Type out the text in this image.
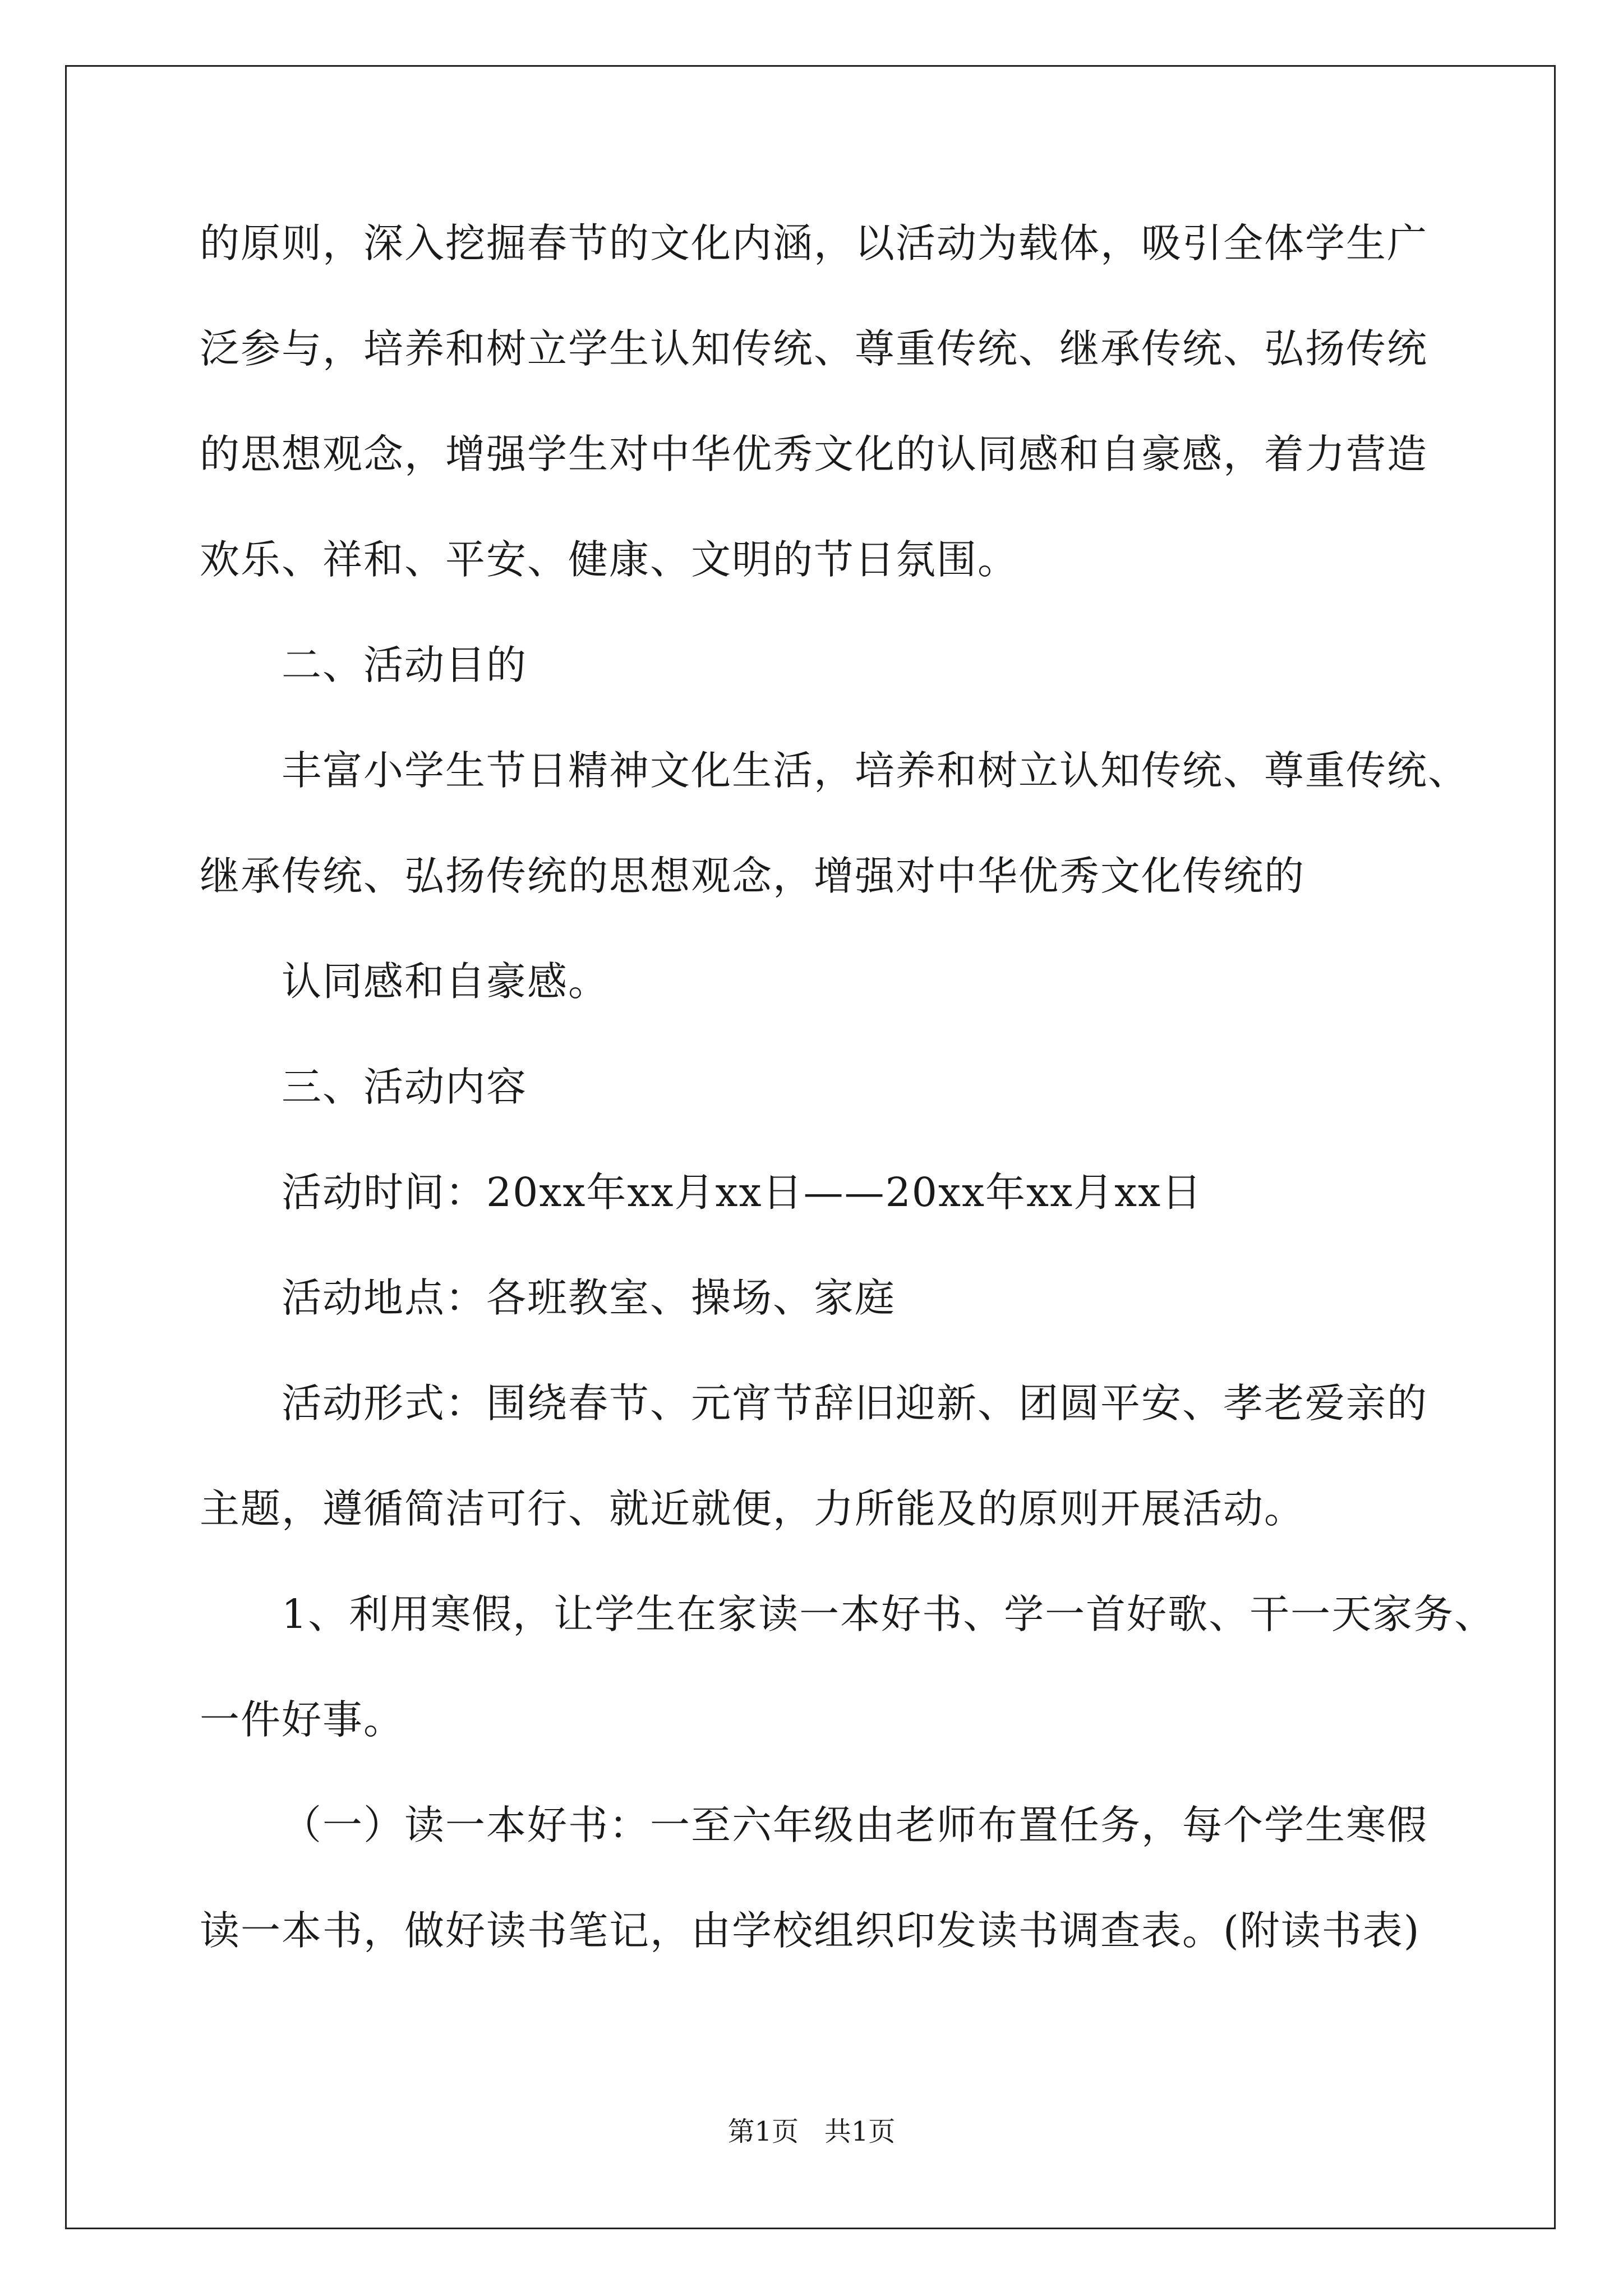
的原则，深入挖掘春节的文化内涵，以活动为载体，吸引全体学生广
泛参与，培养和树立学生认知传统、尊重传统、继承传统、弘扬传统
的思想观念，增强学生对中华优秀文化的认同感和自豪感，着力营造
欢乐、祥和、平安、健康、文明的节日氛围。
二、活动目的
丰富小学生节日精神文化生活，培养和树立认知传统、尊重传统、
继承传统、弘扬传统的思想观念，增强对中华优秀文化传统的
认同感和自豪感。
三、活动内容
活动时间：20xx年xx月xx日——20xx年xx月xx日
活动地点：各班教室、操场、家庭
活动形式：围绕春节、元宵节辞旧迎新、团圆平安、孝老爱亲的
主题，遵循简洁可行、就近就便，力所能及的原则开展活动。
1、利用寒假，让学生在家读一本好书、学一首好歌、干一天家务、
一件好事。
（一）读一本好书：一至六年级由老师布置任务，每个学生寒假
读一本书，做好读书笔记，由学校组织印发读书调查表。(附读书表)
第1页   共1页
